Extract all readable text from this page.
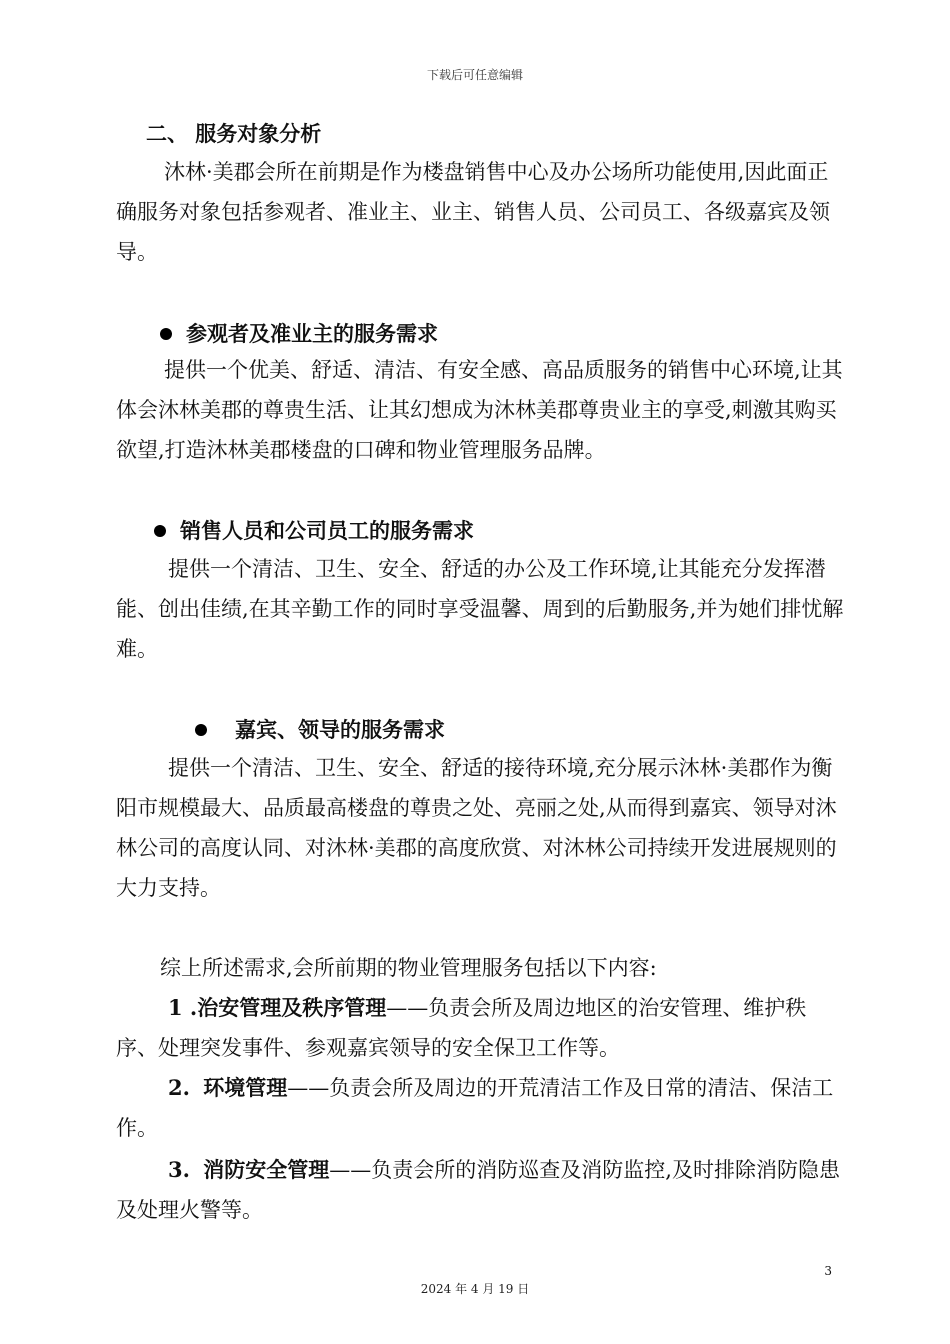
下载后可任意编辑
二、 服务对象分析
沐林·美郡会所在前期是作为楼盘销售中心及办公场所功能使用,因此面正确服务对象包括参观者、准业主、业主、销售人员、公司员工、各级嘉宾及领导。
参观者及准业主的服务需求
提供一个优美、舒适、清洁、有安全感、高品质服务的销售中心环境,让其体会沐林美郡的尊贵生活、让其幻想成为沐林美郡尊贵业主的享受,刺激其购买欲望,打造沐林美郡楼盘的口碑和物业管理服务品牌。
销售人员和公司员工的服务需求
提供一个清洁、卫生、安全、舒适的办公及工作环境,让其能充分发挥潜能、创出佳绩,在其辛勤工作的同时享受温馨、周到的后勤服务,并为她们排忧解难。
嘉宾、领导的服务需求
提供一个清洁、卫生、安全、舒适的接待环境,充分展示沐林·美郡作为衡阳市规模最大、品质最高楼盘的尊贵之处、亮丽之处,从而得到嘉宾、领导对沐林公司的高度认同、对沐林·美郡的高度欣赏、对沐林公司持续开发进展规则的大力支持。
综上所述需求,会所前期的物业管理服务包括以下内容:
1 .治安管理及秩序管理——负责会所及周边地区的治安管理、维护秩序、处理突发事件、参观嘉宾领导的安全保卫工作等。
2. 环境管理——负责会所及周边的开荒清洁工作及日常的清洁、保洁工作。
3. 消防安全管理——负责会所的消防巡查及消防监控,及时排除消防隐患及处理火警等。
3
2024 年 4 月 19 日
